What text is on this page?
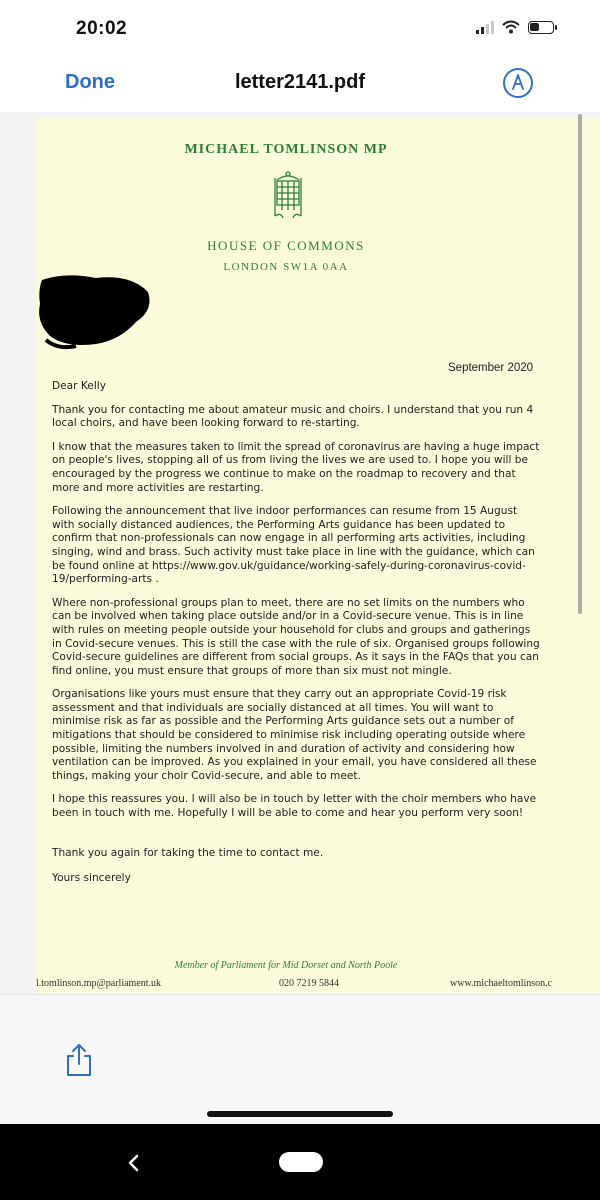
20:02
Done	letter2141.pdf
MICHAEL TOMLINSON MP
HOUSE OF COMMONS
LONDON SW1A 0AA
September 2020
Dear Kelly
Thank you for contacting me about amateur music and choirs. I understand that you run 4 local choirs, and have been looking forward to re-starting.
I know that the measures taken to limit the spread of coronavirus are having a huge impact on people's lives, stopping all of us from living the lives we are used to. I hope you will be encouraged by the progress we continue to make on the roadmap to recovery and that more and more activities are restarting.
Following the announcement that live indoor performances can resume from 15 August with socially distanced audiences, the Performing Arts guidance has been updated to confirm that non-professionals can now engage in all performing arts activities, including singing, wind and brass. Such activity must take place in line with the guidance, which can be found online at https://www.gov.uk/guidance/working-safely-during-coronavirus-covid-19/performing-arts .
Where non-professional groups plan to meet, there are no set limits on the numbers who can be involved when taking place outside and/or in a Covid-secure venue. This is in line with rules on meeting people outside your household for clubs and groups and gatherings in Covid-secure venues. This is still the case with the rule of six. Organised groups following Covid-secure guidelines are different from social groups. As it says in the FAQs that you can find online, you must ensure that groups of more than six must not mingle.
Organisations like yours must ensure that they carry out an appropriate Covid-19 risk assessment and that individuals are socially distanced at all times. You will want to minimise risk as far as possible and the Performing Arts guidance sets out a number of mitigations that should be considered to minimise risk including operating outside where possible, limiting the numbers involved in and duration of activity and considering how ventilation can be improved. As you explained in your email, you have considered all these things, making your choir Covid-secure, and able to meet.
I hope this reassures you. I will also be in touch by letter with the choir members who have been in touch with me. Hopefully I will be able to come and hear you perform very soon!
Thank you again for taking the time to contact me.
Yours sincerely
Member of Parliament for Mid Dorset and North Poole
l.tomlinson.mp@parliament.uk	020 7219 5844	www.michaeltomlinson.c
